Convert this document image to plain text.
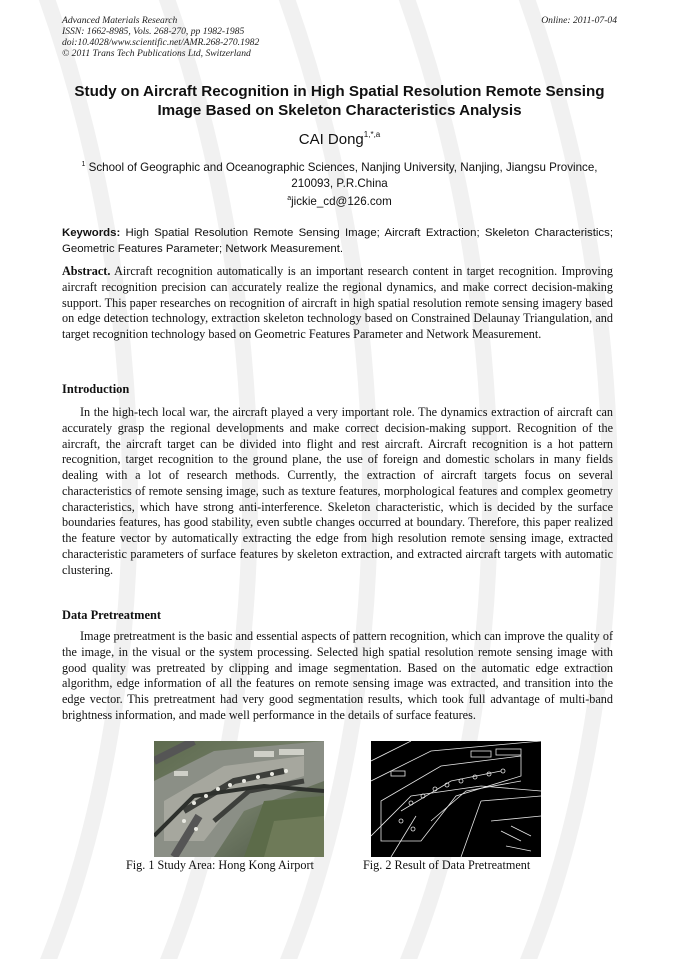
Advanced Materials Research
ISSN: 1662-8985, Vols. 268-270, pp 1982-1985
doi:10.4028/www.scientific.net/AMR.268-270.1982
© 2011 Trans Tech Publications Ltd, Switzerland
Online: 2011-07-04
Study on Aircraft Recognition in High Spatial Resolution Remote Sensing Image Based on Skeleton Characteristics Analysis
CAI Dong$^{1,*,a}$
$^1$ School of Geographic and Oceanographic Sciences, Nanjing University, Nanjing, Jiangsu Province, 210093, P.R.China
$^a$jickie_cd@126.com
Keywords: High Spatial Resolution Remote Sensing Image; Aircraft Extraction; Skeleton Characteristics; Geometric Features Parameter; Network Measurement.
Abstract. Aircraft recognition automatically is an important research content in target recognition. Improving aircraft recognition precision can accurately realize the regional dynamics, and make correct decision-making support. This paper researches on recognition of aircraft in high spatial resolution remote sensing imagery based on edge detection technology, extraction skeleton technology based on Constrained Delaunay Triangulation, and target recognition technology based on Geometric Features Parameter and Network Measurement.
Introduction
In the high-tech local war, the aircraft played a very important role. The dynamics extraction of aircraft can accurately grasp the regional developments and make correct decision-making support. Recognition of the aircraft, the aircraft target can be divided into flight and rest aircraft. Aircraft recognition is a hot pattern recognition, target recognition to the ground plane, the use of foreign and domestic scholars in many fields dealing with a lot of research methods. Currently, the extraction of aircraft targets focus on several characteristics of remote sensing image, such as texture features, morphological features and complex geometry characteristics, which have strong anti-interference. Skeleton characteristic, which is decided by the surface boundaries features, has good stability, even subtle changes occurred at boundary. Therefore, this paper realized the feature vector by automatically extracting the edge from high resolution remote sensing image, extracted characteristic parameters of surface features by skeleton extraction, and extracted aircraft targets with automatic clustering.
Data Pretreatment
Image pretreatment is the basic and essential aspects of pattern recognition, which can improve the quality of the image, in the visual or the system processing. Selected high spatial resolution remote sensing image with good quality was pretreated by clipping and image segmentation. Based on the automatic edge extraction algorithm, edge information of all the features on remote sensing image was extracted, and transition into the edge vector. This pretreatment had very good segmentation results, which took full advantage of multi-band brightness information, and made well performance in the details of surface features.
Fig. 1 Study Area: Hong Kong Airport	Fig. 2 Result of Data Pretreatment
